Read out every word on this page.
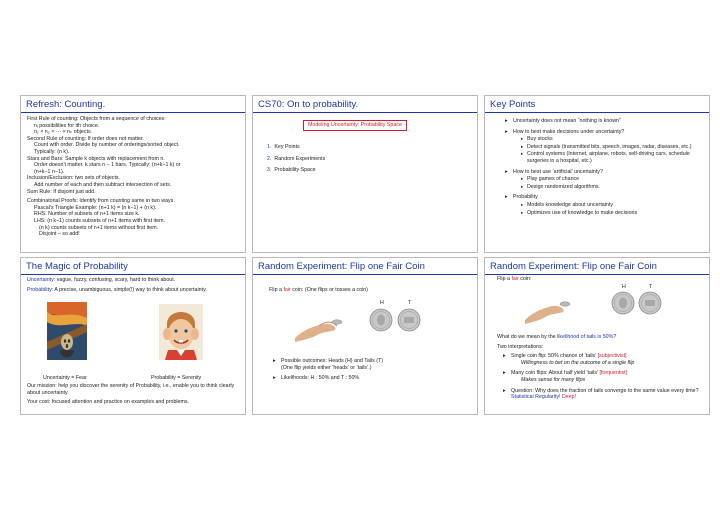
Refresh: Counting.
First Rule of counting: Objects from a sequence of choices:
nᵢ possibilities for ith choice.
n₁ × n₂ × ··· × nₖ objects.
Second Rule of counting: If order does not matter.
Count with order. Divide by number of orderings/sorted object.
Typically: (n k).
Stars and Bars: Sample k objects with replacement from n.
Order doesn't matter. k stars n − 1 bars. Typically: (n+k−1 k) or
(n+k−1 n−1).
Inclusion/Exclusion: two sets of objects.
Add number of each and then subtract intersection of sets.
Sum Rule: If disjoint just add.
Combinatorial Proofs: Identify from counting same in two ways.
Pascal's Triangle Example: (n+1 k) = (n k−1) + (n k).
RHS: Number of subsets of n+1 items size k.
LHS: (n k−1) counts subsets of n+1 items with first item.
(n k) counts subsets of n+1 items without first item.
Disjoint – so add!
CS70: On to probability.
Modeling Uncertainty: Probability Space
1. Key Points
2. Random Experiments
3. Probability Space
Key Points
▸ Uncertainty does not mean “nothing is known”
▸ How to best make decisions under uncertainty?
▸ Buy stocks
▸ Detect signals (transmitted bits, speech, images, radar, diseases, etc.)
▸ Control systems (Internet, airplane, robots, self-driving cars, schedule surgeries in a hospital, etc.)
▸ How to best use ‘artificial’ uncertainty?
▸ Play games of chance
▸ Design randomized algorithms.
▸ Probability
▸ Models knowledge about uncertainty
▸ Optimizes use of knowledge to make decisions
The Magic of Probability
Uncertainty: vague, fuzzy, confusing, scary, hard to think about.
Probability: A precise, unambiguous, simple(!) way to think about uncertainty.
Uncertainty = Fear	Probability = Serenity
Our mission: help you discover the serenity of Probability, i.e., enable you to think clearly about uncertainty.
Your cost: focused attention and practice on examples and problems.
Random Experiment: Flip one Fair Coin
Flip a fair coin: (One flips or tosses a coin)
H	T
▸ Possible outcomes: Heads (H) and Tails (T)
(One flip yields either ‘heads’ or ‘tails’.)
▸ Likelihoods: H : 50% and T : 50%
Random Experiment: Flip one Fair Coin
Flip a fair coin:
H	T
What do we mean by the likelihood of tails is 50%?
Two interpretations:
▸ Single coin flip: 50% chance of ‘tails’ [subjectivist]
Willingness to bet on the outcome of a single flip
▸ Many coin flips: About half yield ‘tails’ [frequentist]
Makes sense for many flips
▸ Question: Why does the fraction of tails converge to the same value every time? Statistical Regularity! Deep!
